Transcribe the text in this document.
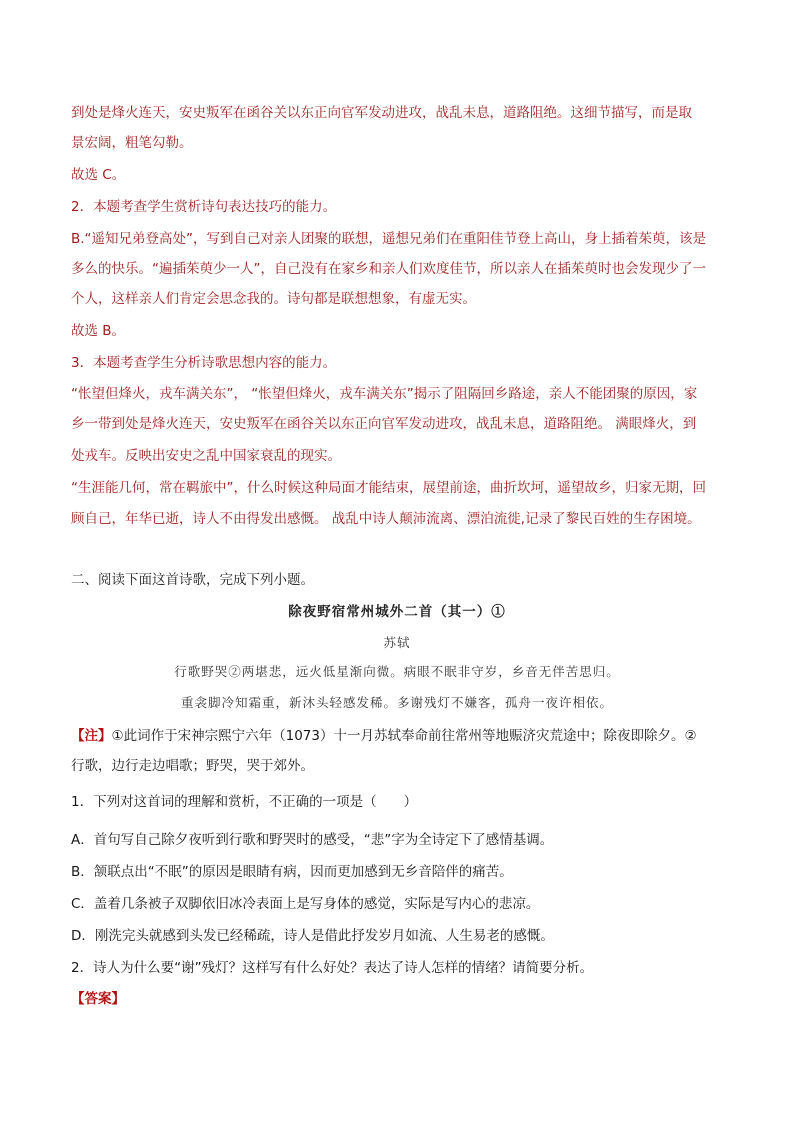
到处是烽火连天，安史叛军在函谷关以东正向官军发动进攻，战乱未息，道路阻绝。这细节描写，而是取
景宏阔，粗笔勾勒。
故选 C。
2．本题考查学生赏析诗句表达技巧的能力。
B.“遥知兄弟登高处”，写到自己对亲人团聚的联想，遥想兄弟们在重阳佳节登上高山，身上插着茱萸，该是
多么的快乐。“遍插茱萸少一人”，自己没有在家乡和亲人们欢度佳节，所以亲人在插茱萸时也会发现少了一
个人，这样亲人们肯定会思念我的。诗句都是联想想象，有虚无实。
故选 B。
3．本题考查学生分析诗歌思想内容的能力。
“怅望但烽火，戎车满关东”， “怅望但烽火，戎车满关东”揭示了阻隔回乡路途，亲人不能团聚的原因，家
乡一带到处是烽火连天，安史叛军在函谷关以东正向官军发动进攻，战乱未息，道路阻绝。 满眼烽火，到
处戎车。反映出安史之乱中国家衰乱的现实。
“生涯能几何，常在羁旅中”，什么时候这种局面才能结束，展望前途，曲折坎坷，遥望故乡，归家无期，回
顾自己，年华已逝，诗人不由得发出感慨。 战乱中诗人颠沛流离、漂泊流徙,记录了黎民百姓的生存困境。
二、阅读下面这首诗歌，完成下列小题。
除夜野宿常州城外二首（其一）①
苏轼
行歌野哭②两堪悲，远火低星渐向微。病眼不眠非守岁，乡音无伴苦思归。
重衾脚冷知霜重，新沐头轻感发稀。多谢残灯不嫌客，孤舟一夜许相依。
【注】①此词作于宋神宗熙宁六年（1073）十一月苏轼奉命前往常州等地赈济灾荒途中；除夜即除夕。②
行歌，边行走边唱歌；野哭，哭于郊外。
1．下列对这首词的理解和赏析，不正确的一项是（　　）
A．首句写自己除夕夜听到行歌和野哭时的感受，“悲”字为全诗定下了感情基调。
B．颔联点出“不眠”的原因是眼睛有病，因而更加感到无乡音陪伴的痛苦。
C．盖着几条被子双脚依旧冰冷表面上是写身体的感觉，实际是写内心的悲凉。
D．刚洗完头就感到头发已经稀疏，诗人是借此抒发岁月如流、人生易老的感慨。
2．诗人为什么要“谢”残灯？这样写有什么好处？表达了诗人怎样的情绪？请简要分析。
【答案】
